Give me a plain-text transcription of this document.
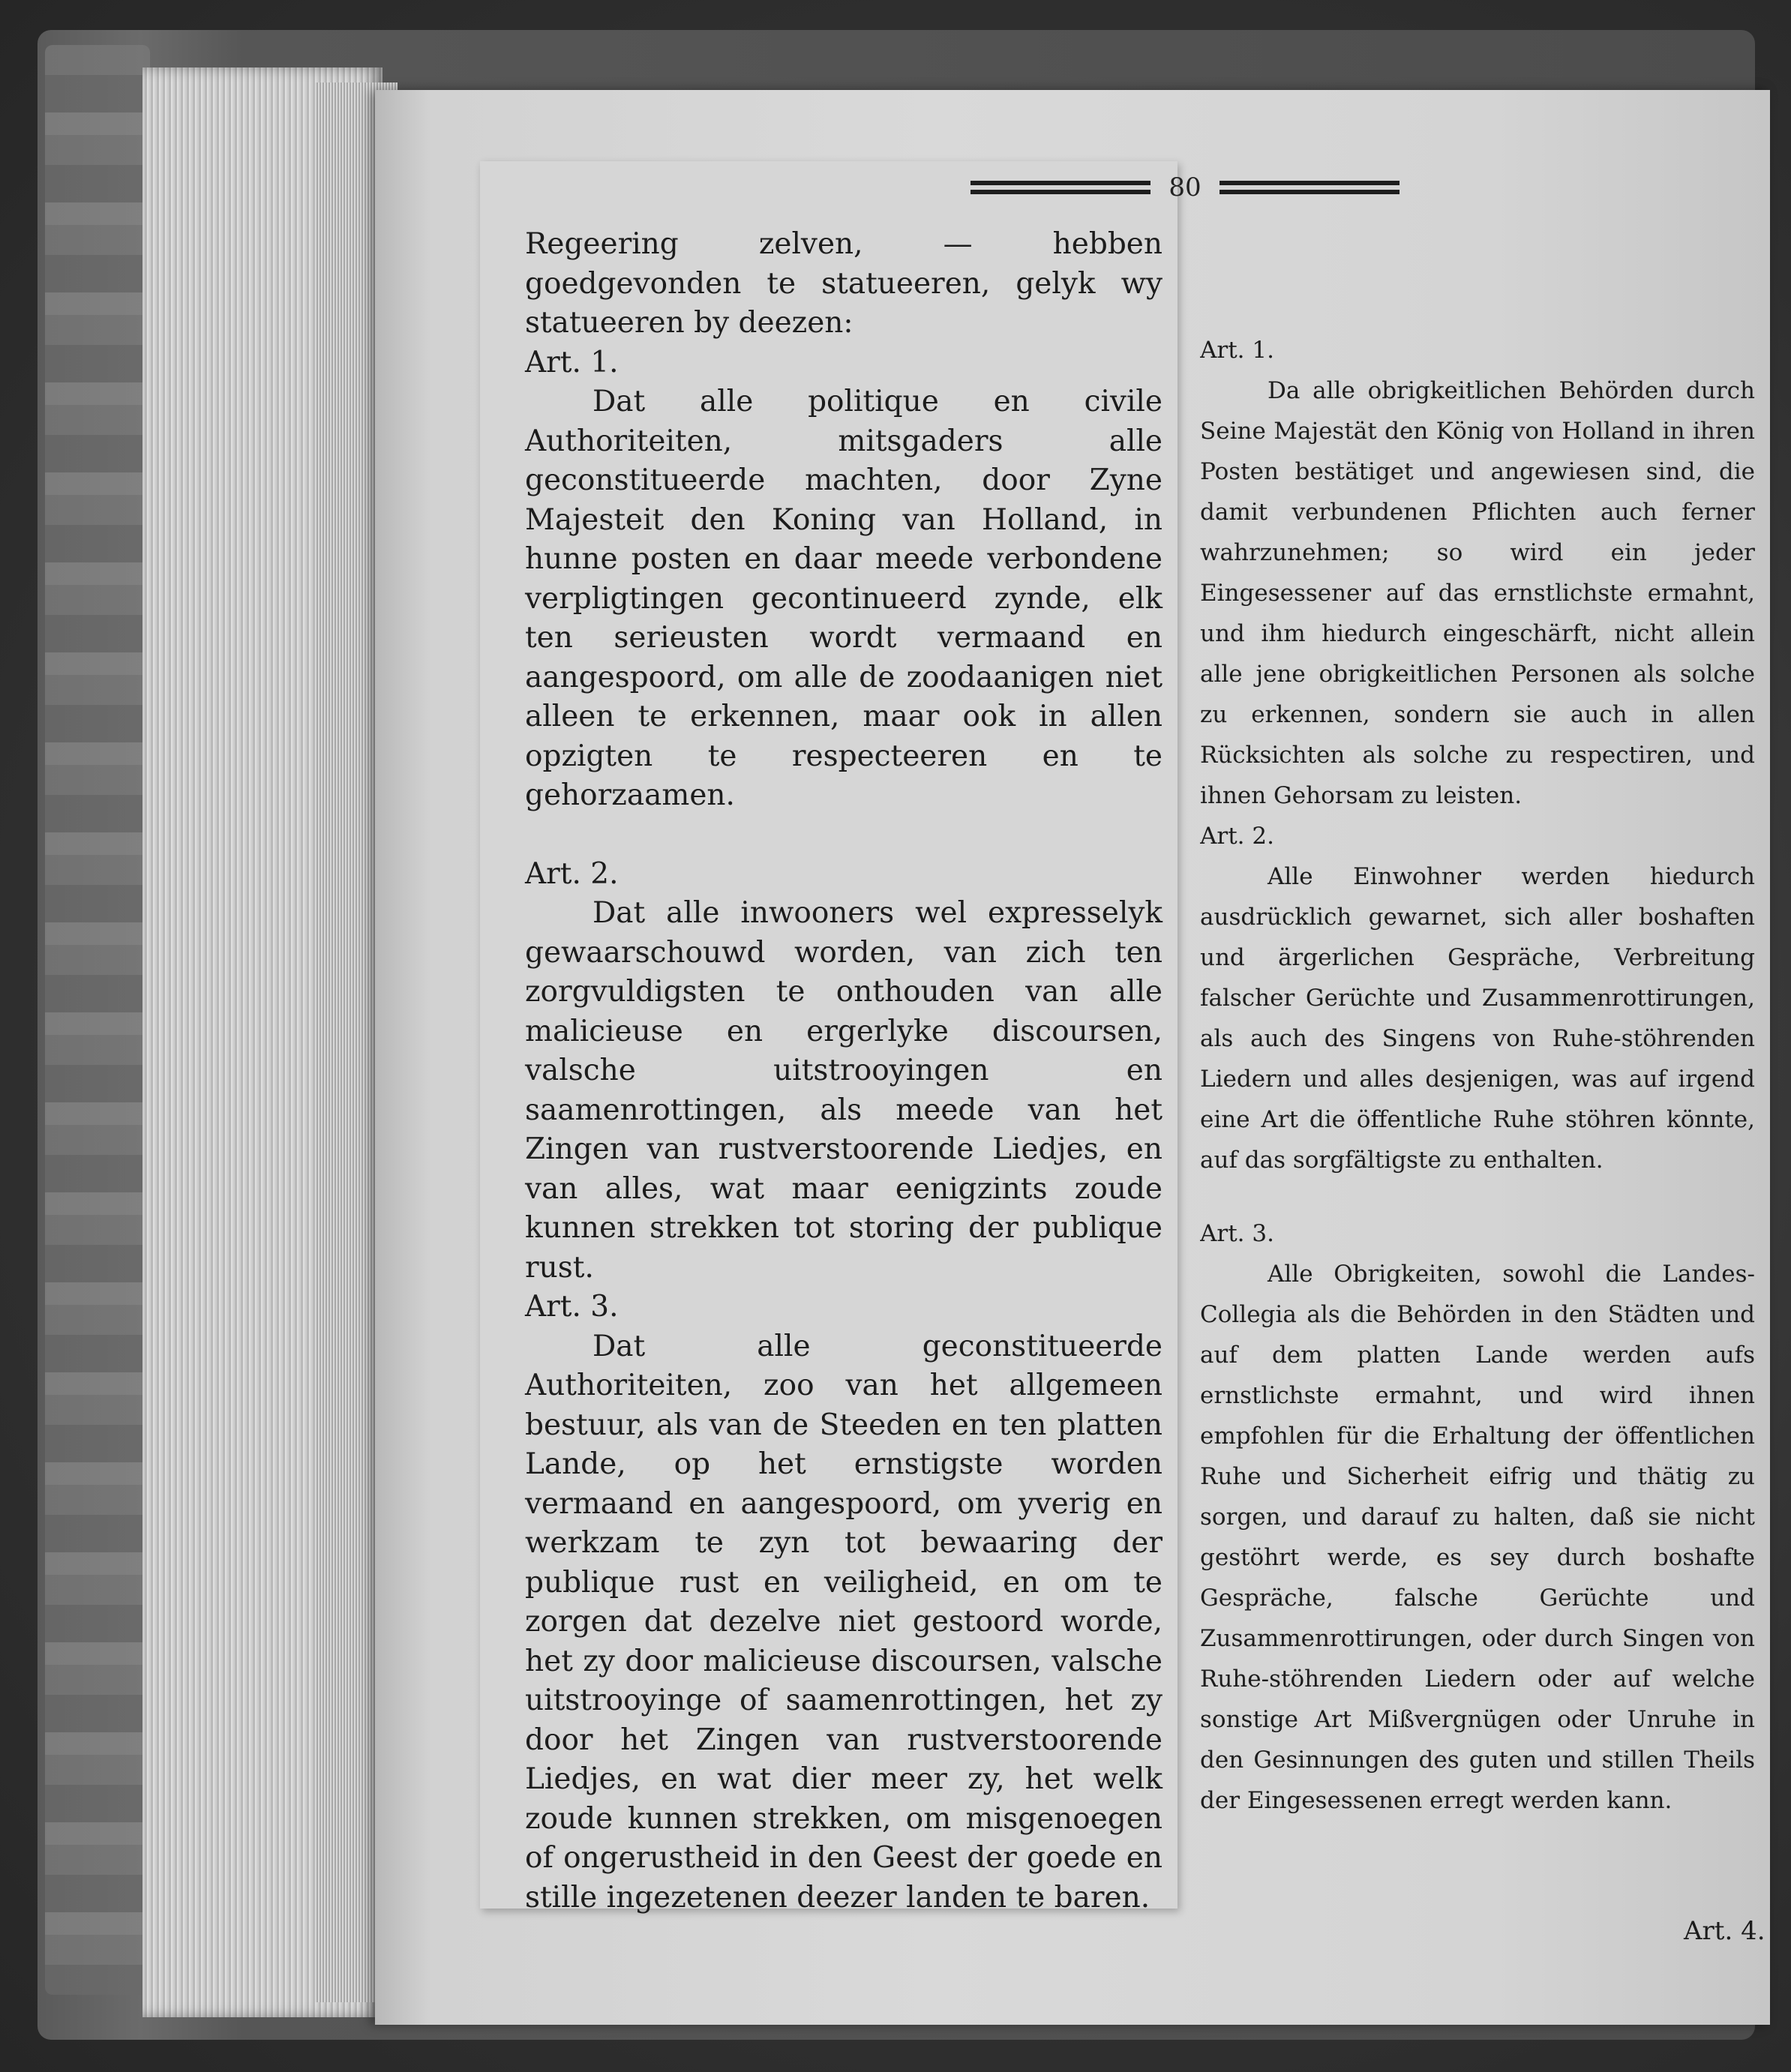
80

Regeering zelven, — hebben goedgevonden te statueeren, gelyk wy statueeren by deezen:

Art. 1.

Dat alle politique en civile Authoriteiten, mitsgaders alle geconstitueerde machten, door Zyne Majesteit den Koning van Holland, in hunne posten en daar meede verbondene verpligtingen gecontinueerd zynde, elk ten serieusten wordt vermaand en aangespoord, om alle de zoodaanigen niet alleen te erkennen, maar ook in allen opzigten te respecteeren en te gehorzaamen.

Art. 2.

Dat alle inwooners wel expresselyk gewaarschouwd worden, van zich ten zorgvuldigsten te onthouden van alle malicieuse en ergerlyke discoursen, valsche uitstrooyingen en saamenrottingen, als meede van het Zingen van rustverstoorende Liedjes, en van alles, wat maar eenigzints zoude kunnen strekken tot storing der publique rust.

Art. 3.

Dat alle geconstitueerde Authoriteiten, zoo van het allgemeen bestuur, als van de Steeden en ten platten Lande, op het ernstigste worden vermaand en aangespoord, om yverig en werkzam te zyn tot bewaaring der publique rust en veiligheid, en om te zorgen dat dezelve niet gestoord worde, het zy door malicieuse discoursen, valsche uitstrooyinge of saamenrottingen, het zy door het Zingen van rustverstoorende Liedjes, en wat dier meer zy, het welk zoude kunnen strekken, om misgenoegen of ongerustheid in den Geest der goede en stille ingezetenen deezer landen te baren.

Art. 1.

Da alle obrigkeitlichen Behörden durch Seine Majestät den König von Holland in ihren Posten bestätiget und angewiesen sind, die damit verbundenen Pflichten auch ferner wahrzunehmen; so wird ein jeder Eingesessener auf das ernstlichste ermahnt, und ihm hiedurch eingeschärft, nicht allein alle jene obrigkeitlichen Personen als solche zu erkennen, sondern sie auch in allen Rücksichten als solche zu respectiren, und ihnen Gehorsam zu leisten.

Art. 2.

Alle Einwohner werden hiedurch ausdrücklich gewarnet, sich aller boshaften und ärgerlichen Gespräche, Verbreitung falscher Gerüchte und Zusammenrottirungen, als auch des Singens von Ruhe-stöhrenden Liedern und alles desjenigen, was auf irgend eine Art die öffentliche Ruhe stöhren könnte, auf das sorgfältigste zu enthalten.

Art. 3.

Alle Obrigkeiten, sowohl die Landes-Collegia als die Behörden in den Städten und auf dem platten Lande werden aufs ernstlichste ermahnt, und wird ihnen empfohlen für die Erhaltung der öffentlichen Ruhe und Sicherheit eifrig und thätig zu sorgen, und darauf zu halten, daß sie nicht gestöhrt werde, es sey durch boshafte Gespräche, falsche Gerüchte und Zusammenrottirungen, oder durch Singen von Ruhe-stöhrenden Liedern oder auf welche sonstige Art Mißvergnügen oder Unruhe in den Gesinnungen des guten und stillen Theils der Eingesessenen erregt werden kann.

Art. 4.
